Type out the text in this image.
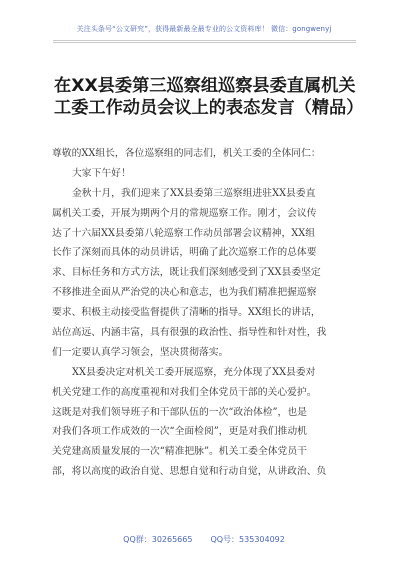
关注头条号“公文研究”，获得最新最全最专业的公文资料库！ 微信：gongwenyj
在XX县委第三巡察组巡察县委直属机关
工委工作动员会议上的表态发言（精品）
尊敬的XX组长，各位巡察组的同志们，机关工委的全体同仁：
大家下午好！
金秋十月，我们迎来了XX县委第三巡察组进驻XX县委直
属机关工委，开展为期两个月的常规巡察工作。刚才，会议传
达了十六届XX县委第八轮巡察工作动员部署会议精神，XX组
长作了深刻而具体的动员讲话，明确了此次巡察工作的总体要
求、目标任务和方式方法，既让我们深刻感受到了XX县委坚定
不移推进全面从严治党的决心和意志，也为我们精准把握巡察
要求、积极主动接受监督提供了清晰的指导。XX组长的讲话，
站位高远、内涵丰富，具有很强的政治性、指导性和针对性，我
们一定要认真学习领会，坚决贯彻落实。
XX县委决定对机关工委开展巡察，充分体现了XX县委对
机关党建工作的高度重视和对我们全体党员干部的关心爱护。
这既是对我们领导班子和干部队伍的一次“政治体检”，也是
对我们各项工作成效的一次“全面检阅”，更是对我们推动机
关党建高质量发展的一次“精准把脉”。机关工委全体党员干
部，将以高度的政治自觉、思想自觉和行动自觉，从讲政治、负
QQ群：30265665 QQ号：535304092
